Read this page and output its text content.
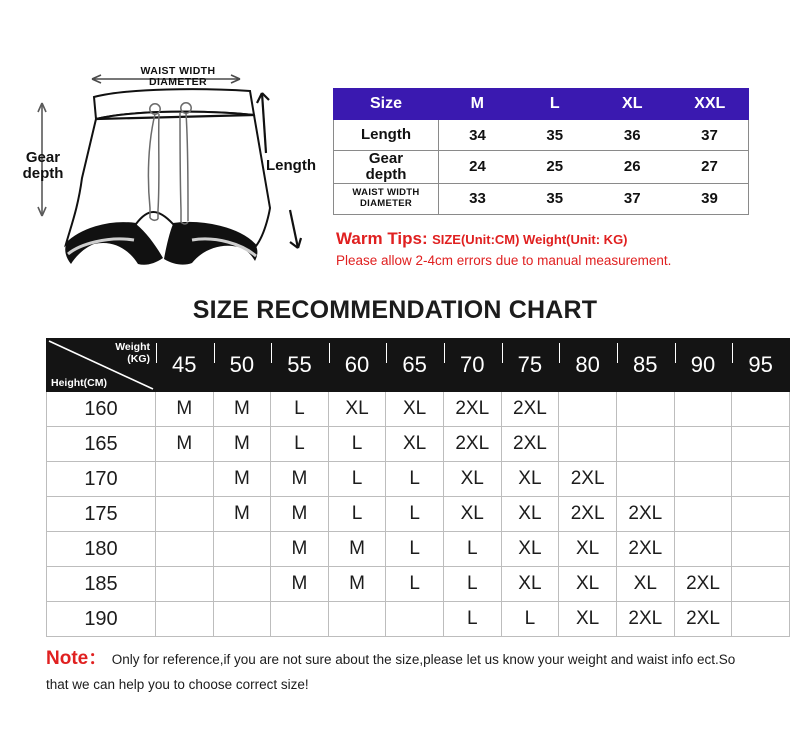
WAIST WIDTH
DIAMETER
Gear
depth	Length
Size	M	L	XL	XXL
Length	34	35	36	37
Gear
depth	24	25	26	27
WAIST WIDTH
DIAMETER	33	35	37	39
Warm Tips: SIZE(Unit:CM) Weight(Unit: KG)
Please allow 2-4cm errors due to manual measurement.
SIZE RECOMMENDATION CHART
Weight
(KG)
Height(CM)	45	50	55	60	65	70	75	80	85	90	95
160	M	M	L	XL	XL	2XL	2XL				
165	M	M	L	L	XL	2XL	2XL				
170		M	M	L	L	XL	XL	2XL			
175		M	M	L	L	XL	XL	2XL	2XL		
180			M	M	L	L	XL	XL	2XL		
185			M	M	L	L	XL	XL	XL	2XL	
190						L	L	XL	2XL	2XL	
Note： Only for reference,if you are not sure about the size,please let us know your weight and waist info ect.So that we can help you to choose correct size!
